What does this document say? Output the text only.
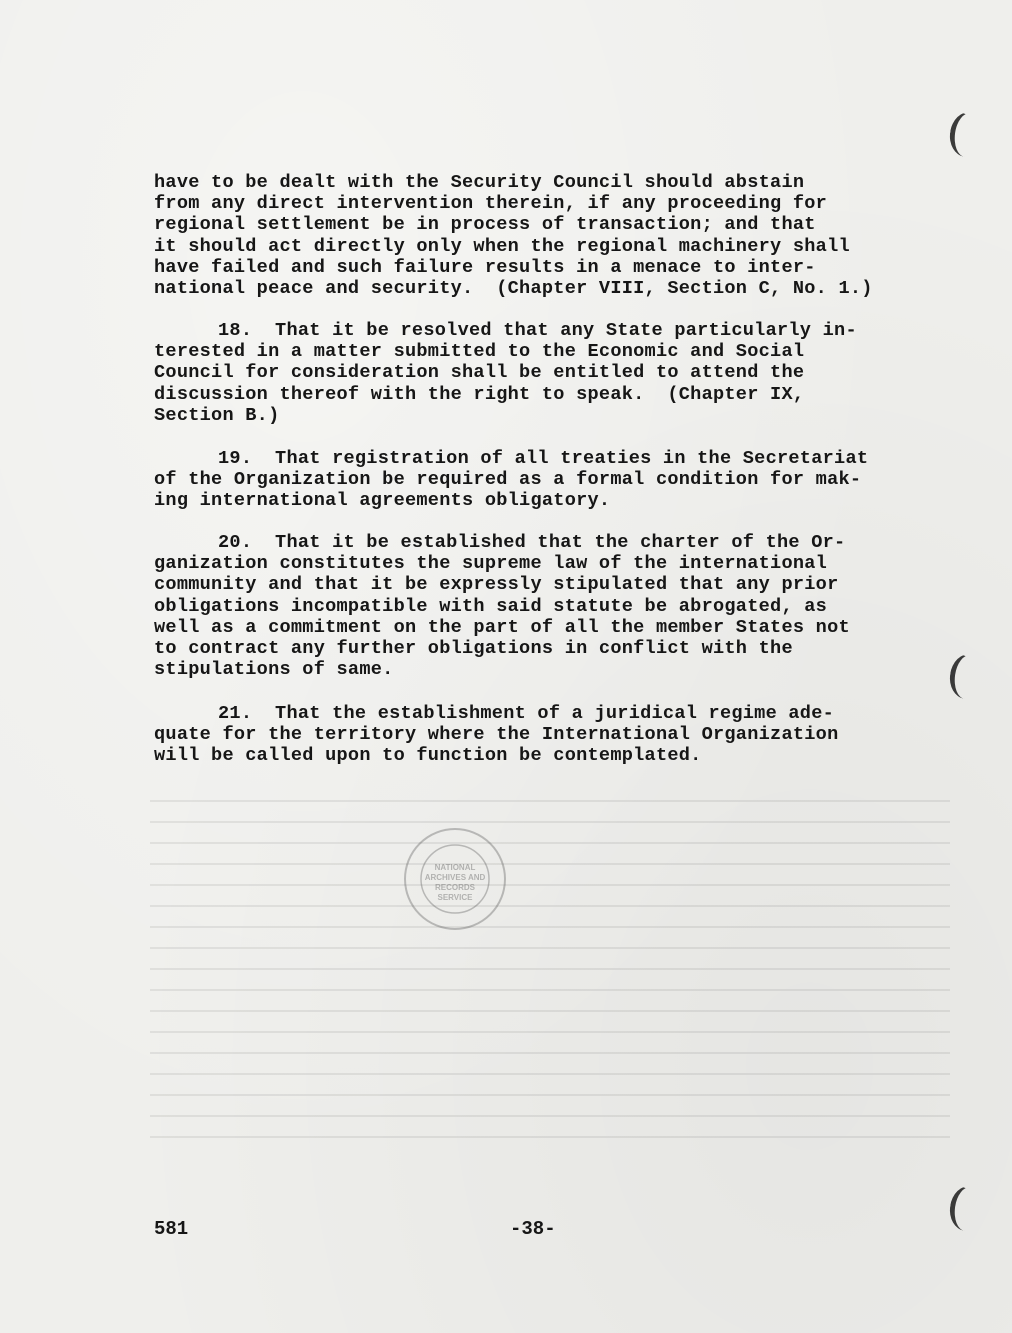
have to be dealt with the Security Council should abstain
from any direct intervention therein, if any proceeding for
regional settlement be in process of transaction; and that
it should act directly only when the regional machinery shall
have failed and such failure results in a menace to inter-
national peace and security.  (Chapter VIII, Section C, No. 1.)
18.  That it be resolved that any State particularly in-
terested in a matter submitted to the Economic and Social
Council for consideration shall be entitled to attend the
discussion thereof with the right to speak.  (Chapter IX,
Section B.)
19.  That registration of all treaties in the Secretariat
of the Organization be required as a formal condition for mak-
ing international agreements obligatory.
20.  That it be established that the charter of the Or-
ganization constitutes the supreme law of the international
community and that it be expressly stipulated that any prior
obligations incompatible with said statute be abrogated, as
well as a commitment on the part of all the member States not
to contract any further obligations in conflict with the
stipulations of same.
21.  That the establishment of a juridical regime ade-
quate for the territory where the International Organization
will be called upon to function be contemplated.
NATIONAL
ARCHIVES AND
RECORDS
SERVICE
581	-38-
